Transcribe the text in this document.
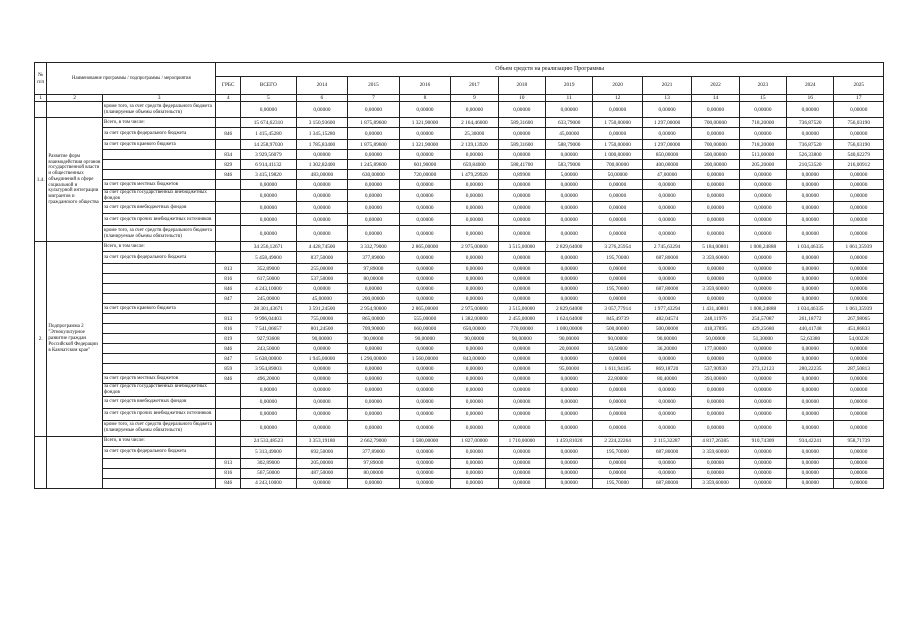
№ п/п	Наименование программы / подпрограммы / мероприятия		Объем средств на реализацию Программы													
			ГРБС	ВСЕГО	2014	2015	2016	2017	2018	2019	2020	2021	2022	2023	2024	2025
1	2	3	4	5	6	7	8	9	10	11	12	13	14	15	16	17
		кроме того, за счет средств федерального бюджета (планируемые объемы обязательств)		0,00000	0,00000	0,00000	0,00000	0,00000	0,00000	0,00000	0,00000	0,00000	0,00000	0,00000	0,00000	0,00000
1.4.	Развитие форм взаимодействия органов государственной власти и общественных объединений в сфере социальной и культурной интеграции мигрантов и гражданского общества	Всего, в том числе:		15 674,62310	3 150,93600	1 875,89600	1 321,90000	2 164,46000	589,31600	633,79000	1 750,00000	1 297,00000	700,00000	718,20000	736,87520	756,03190
		за счет средств федерального бюджета	846	1 415,45280	1 345,15280	0,00000	0,00000	25,30000	0,00000	45,00000	0,00000	0,00000	0,00000	0,00000	0,00000	0,00000
		за счет средств краевого бюджета		14 258,97030	1 785,83400	1 875,89600	1 321,90000	2 139,13920	589,31600	588,79000	1 750,00000	1 297,00000	700,00000	718,20000	736,87520	756,03190
			834	3 929,56079	0,00000	0,00000	0,00000	0,00000	0,00000	0,00000	1 000,00000	850,00000	500,00000	513,00000	526,33800	540,02279
			829	6 914,41132	1 302,82400	1 245,89600	601,90000	659,84000	588,41700	583,79000	700,00000	400,00000	200,00000	205,20000	210,53520	216,00912
			846	3 415,19820	483,00000	630,00000	720,00000	1 479,29920	0,89900	5,00000	50,00000	47,00000	0,00000	0,00000	0,00000	0,00000
		за счет средств местных бюджетов		0,00000	0,00000	0,00000	0,00000	0,00000	0,00000	0,00000	0,00000	0,00000	0,00000	0,00000	0,00000	0,00000
		за счет средств государственных внебюджетных фондов		0,00000	0,00000	0,00000	0,00000	0,00000	0,00000	0,00000	0,00000	0,00000	0,00000	0,00000	0,00000	0,00000
		за счет средств внебюджетных фондов		0,00000	0,00000	0,00000	0,00000	0,00000	0,00000	0,00000	0,00000	0,00000	0,00000	0,00000	0,00000	0,00000
		за счет средств прочих внебюджетных источников		0,00000	0,00000	0,00000	0,00000	0,00000	0,00000	0,00000	0,00000	0,00000	0,00000	0,00000	0,00000	0,00000
		кроме того, за счет средств федерального бюджета (планируемые объемы обязательств)		0,00000	0,00000	0,00000	0,00000	0,00000	0,00000	0,00000	0,00000	0,00000	0,00000	0,00000	0,00000	0,00000
2.	Подпрограмма 2 "Этнокультурное развитие граждан Российской Федерации в Камчатском крае"	Всего, в том числе:		34 256,12671	4 428,74500	3 332,79000	2 865,00000	2 975,00000	3 515,00000	2 829,64000	3 276,25954	2 745,63294	5 184,00801	1 008,24888	1 034,46335	1 061,35939
		за счет средств федерального бюджета		5 458,49000	837,50000	377,89000	0,00000	0,00000	0,00000	0,00000	195,70000	687,80000	3 359,60000	0,00000	0,00000	0,00000
			813	352,89000	255,00000	97,89000	0,00000	0,00000	0,00000	0,00000	0,00000	0,00000	0,00000	0,00000	0,00000	0,00000
			816	617,50000	537,50000	80,00000	0,00000	0,00000	0,00000	0,00000	0,00000	0,00000	0,00000	0,00000	0,00000	0,00000
			846	4 243,10000	0,00000	0,00000	0,00000	0,00000	0,00000	0,00000	195,70000	687,80000	3 359,60000	0,00000	0,00000	0,00000
			847	245,00000	45,00000	200,00000	0,00000	0,00000	0,00000	0,00000	0,00000	0,00000	0,00000	0,00000	0,00000	0,00000
		за счет средств краевого бюджета		28 301,43671	3 591,24500	2 954,90000	2 865,00000	2 975,00000	3 515,00000	2 829,64000	3 057,77914	1 977,43294	1 431,40801	1 008,24888	1 034,46335	1 061,35939
			813	9 996,04403	755,00000	865,00000	555,00000	1 382,00000	2 455,00000	1 624,64000	845,49739	482,04574	248,11976	254,57087	261,18772	267,98065
			816	7 541,06657	801,24500	709,90000	660,00000	650,00000	770,00000	1 000,00000	500,00000	500,00000	418,37895	429,25680	440,41748	451,86833
			819	927,93608	90,00000	90,00000	90,00000	90,00000	90,00000	90,00000	90,00000	90,00000	50,00000	51,30000	52,63380	54,00228
			846	243,50000	0,00000	0,00000	0,00000	0,00000	0,00000	20,00000	10,50000	36,20000	177,00000	0,00000	0,00000	0,00000
			847	5 638,00000	1 945,00000	1 290,00000	1 560,00000	843,00000	0,00000	0,00000	0,00000	0,00000	0,00000	0,00000	0,00000	0,00000
			859	3 954,89003	0,00000	0,00000	0,00000	0,00000	0,00000	95,00000	1 611,94185	869,18720	537,90930	273,12123	280,22235	287,50813
		за счет средств местных бюджетов	846	496,20000	0,00000	0,00000	0,00000	0,00000	0,00000	0,00000	22,80000	80,40000	393,00000	0,00000	0,00000	0,00000
		за счет средств государственных внебюджетных фондов		0,00000	0,00000	0,00000	0,00000	0,00000	0,00000	0,00000	0,00000	0,00000	0,00000	0,00000	0,00000	0,00000
		за счет средств внебюджетных фондов		0,00000	0,00000	0,00000	0,00000	0,00000	0,00000	0,00000	0,00000	0,00000	0,00000	0,00000	0,00000	0,00000
		за счет средств прочих внебюджетных источников		0,00000	0,00000	0,00000	0,00000	0,00000	0,00000	0,00000	0,00000	0,00000	0,00000	0,00000	0,00000	0,00000
		кроме того, за счет средств федерального бюджета (планируемые объемы обязательств)		0,00000	0,00000	0,00000	0,00000	0,00000	0,00000	0,00000	0,00000	0,00000	0,00000	0,00000	0,00000	0,00000
		Всего, в том числе:		24 533,48523	3 353,19180	2 662,79000	1 580,00000	1 827,00000	1 710,00000	1 459,81020	2 224,22264	2 115,32287	4 817,26385	910,74309	934,42241	958,71739
		за счет средств федерального бюджета		5 313,49000	692,50000	377,89000	0,00000	0,00000	0,00000	0,00000	195,70000	687,80000	3 359,60000	0,00000	0,00000	0,00000
			813	302,89000	205,00000	97,89000	0,00000	0,00000	0,00000	0,00000	0,00000	0,00000	0,00000	0,00000	0,00000	0,00000
			816	567,50000	487,50000	80,00000	0,00000	0,00000	0,00000	0,00000	0,00000	0,00000	0,00000	0,00000	0,00000	0,00000
			846	4 243,10000	0,00000	0,00000	0,00000	0,00000	0,00000	0,00000	195,70000	687,80000	3 359,60000	0,00000	0,00000	0,00000
